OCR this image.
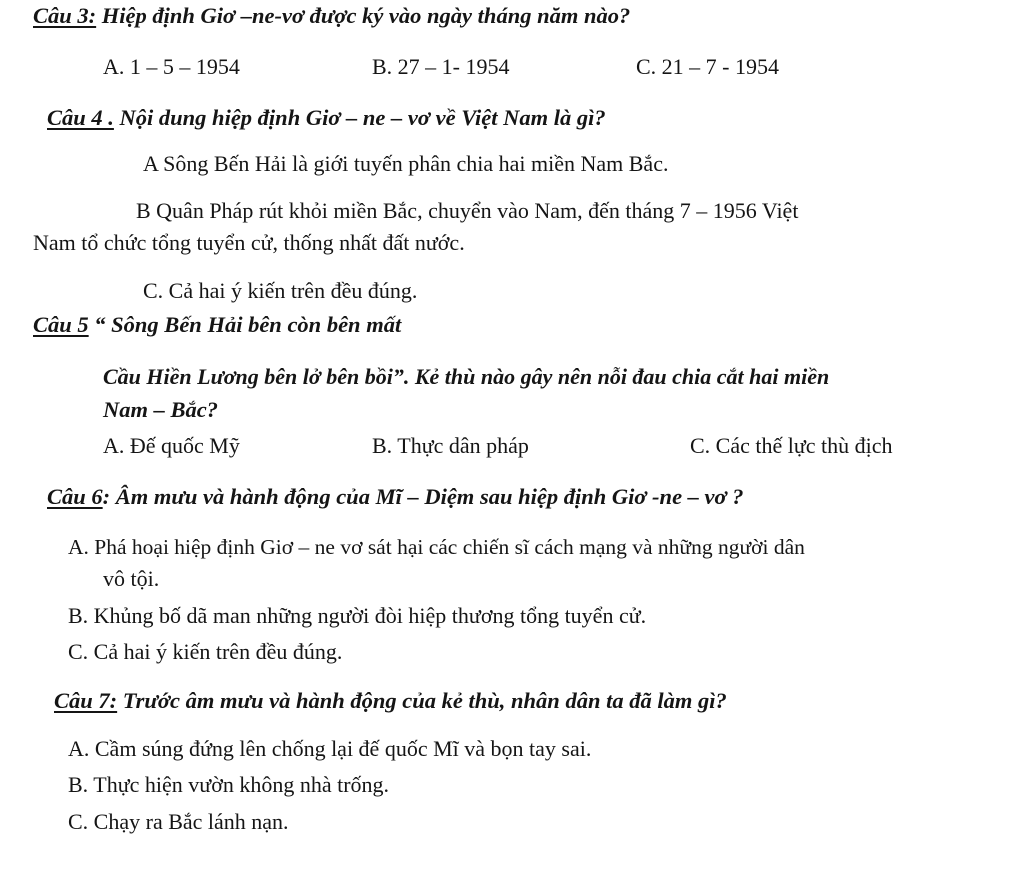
Câu 3: Hiệp định Giơ –ne-vơ được ký vào ngày tháng năm nào?
A. 1 – 5 – 1954	B. 27 – 1- 1954	C. 21 – 7 - 1954
Câu 4 . Nội dung hiệp định Giơ – ne – vơ về Việt Nam là gì?
A Sông Bến Hải là giới tuyến phân chia hai miền Nam Bắc.
B Quân Pháp rút khỏi miền Bắc, chuyển vào Nam, đến tháng 7 – 1956 Việt
Nam tổ chức tổng tuyển cử, thống nhất đất nước.
C. Cả hai ý kiến trên đều đúng.
Câu 5 “ Sông Bến Hải bên còn bên mất
Cầu Hiền Lương bên lở bên bồi”. Kẻ thù nào gây nên nỗi đau chia cắt hai miền
Nam – Bắc?
A. Đế quốc Mỹ	B. Thực dân pháp	C. Các thế lực thù địch
Câu 6: Âm mưu và hành động của Mĩ – Diệm sau hiệp định Giơ -ne – vơ ?
A. Phá hoại hiệp định Giơ – ne vơ sát hại các chiến sĩ cách mạng và những người dân
vô tội.
B. Khủng bố dã man những người đòi hiệp thương tổng tuyển cử.
C. Cả hai ý kiến trên đều đúng.
Câu 7: Trước âm mưu và hành động của kẻ thù, nhân dân ta đã làm gì?
A. Cầm súng đứng lên chống lại đế quốc Mĩ và bọn tay sai.
B. Thực hiện vườn không nhà trống.
C. Chạy ra Bắc lánh nạn.
